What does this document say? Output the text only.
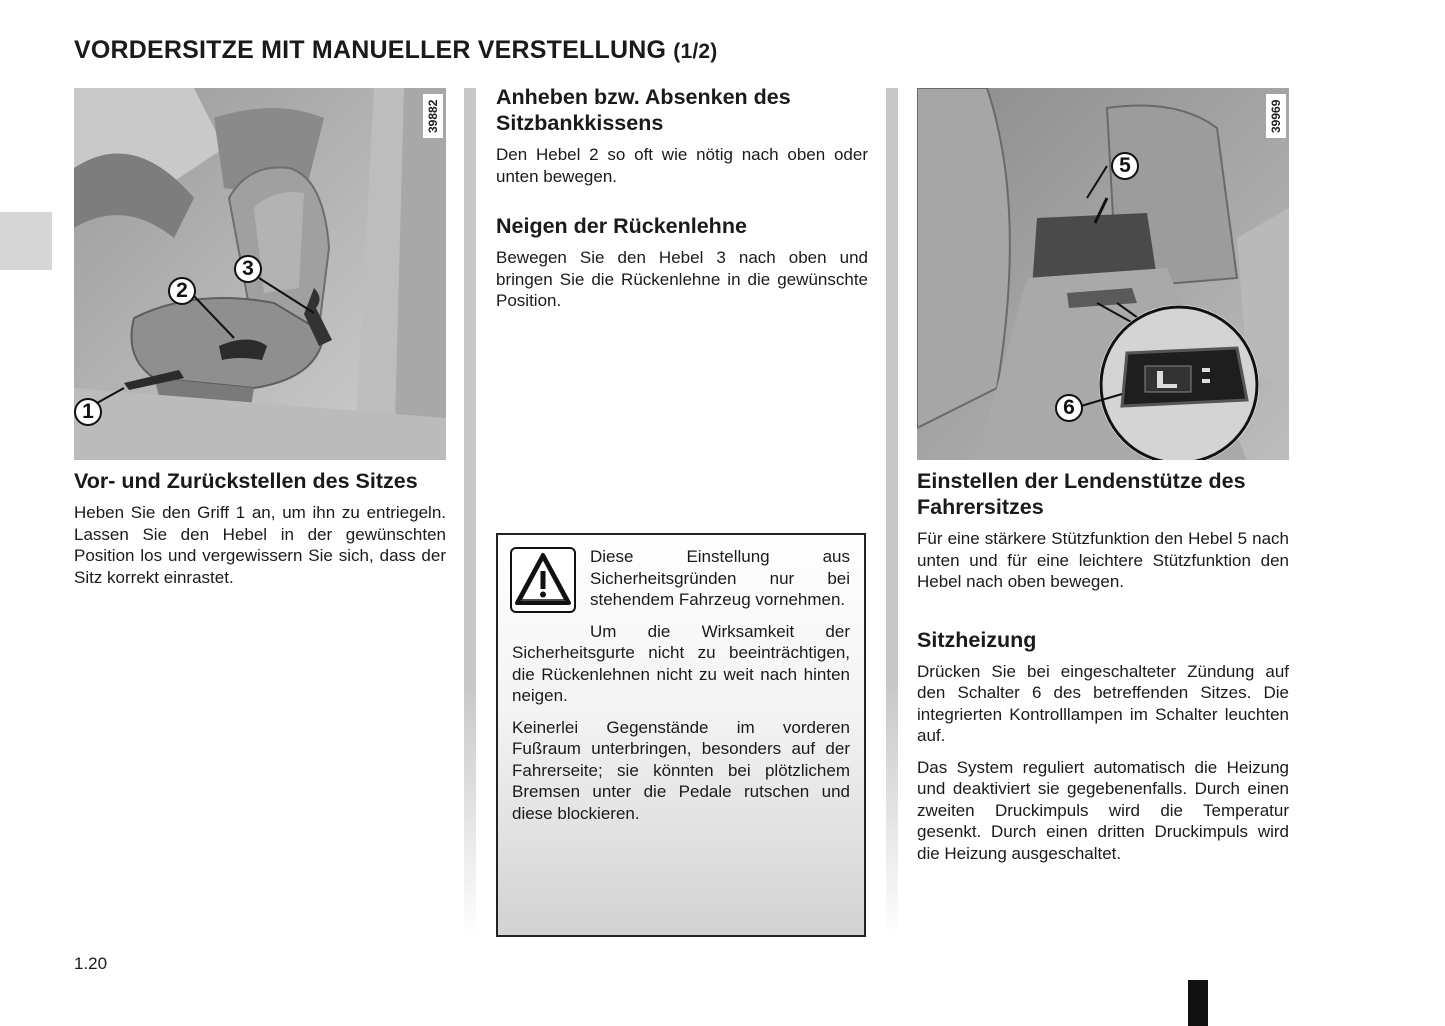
VORDERSITZE MIT MANUELLER VERSTELLUNG (1/2)
39882
1
2
3
Vor- und Zurückstellen des Sitzes

Heben Sie den Griff 1 an, um ihn zu entriegeln. Lassen Sie den Hebel in der gewünschten Position los und vergewissern Sie sich, dass der Sitz korrekt einrastet.

Anheben bzw. Absenken des Sitzbankkissens

Den Hebel 2 so oft wie nötig nach oben oder unten bewegen.

Neigen der Rückenlehne

Bewegen Sie den Hebel 3 nach oben und bringen Sie die Rückenlehne in die gewünschte Position.

Diese Einstellung aus Sicherheitsgründen nur bei stehendem Fahrzeug vornehmen.

Um die Wirksamkeit der Sicherheitsgurte nicht zu beeinträchtigen, die Rückenlehnen nicht zu weit nach hinten neigen.

Keinerlei Gegenstände im vorderen Fußraum unterbringen, besonders auf der Fahrerseite; sie könnten bei plötzlichem Bremsen unter die Pedale rutschen und diese blockieren.

39969
5
6
Einstellen der Lendenstütze des Fahrersitzes

Für eine stärkere Stützfunktion den Hebel 5 nach unten und für eine leichtere Stützfunktion den Hebel nach oben bewegen.

Sitzheizung

Drücken Sie bei eingeschalteter Zündung auf den Schalter 6 des betreffenden Sitzes. Die integrierten Kontrolllampen im Schalter leuchten auf.

Das System reguliert automatisch die Heizung und deaktiviert sie gegebenenfalls. Durch einen zweiten Druckimpuls wird die Temperatur gesenkt. Durch einen dritten Druckimpuls wird die Heizung ausgeschaltet.

1.20
